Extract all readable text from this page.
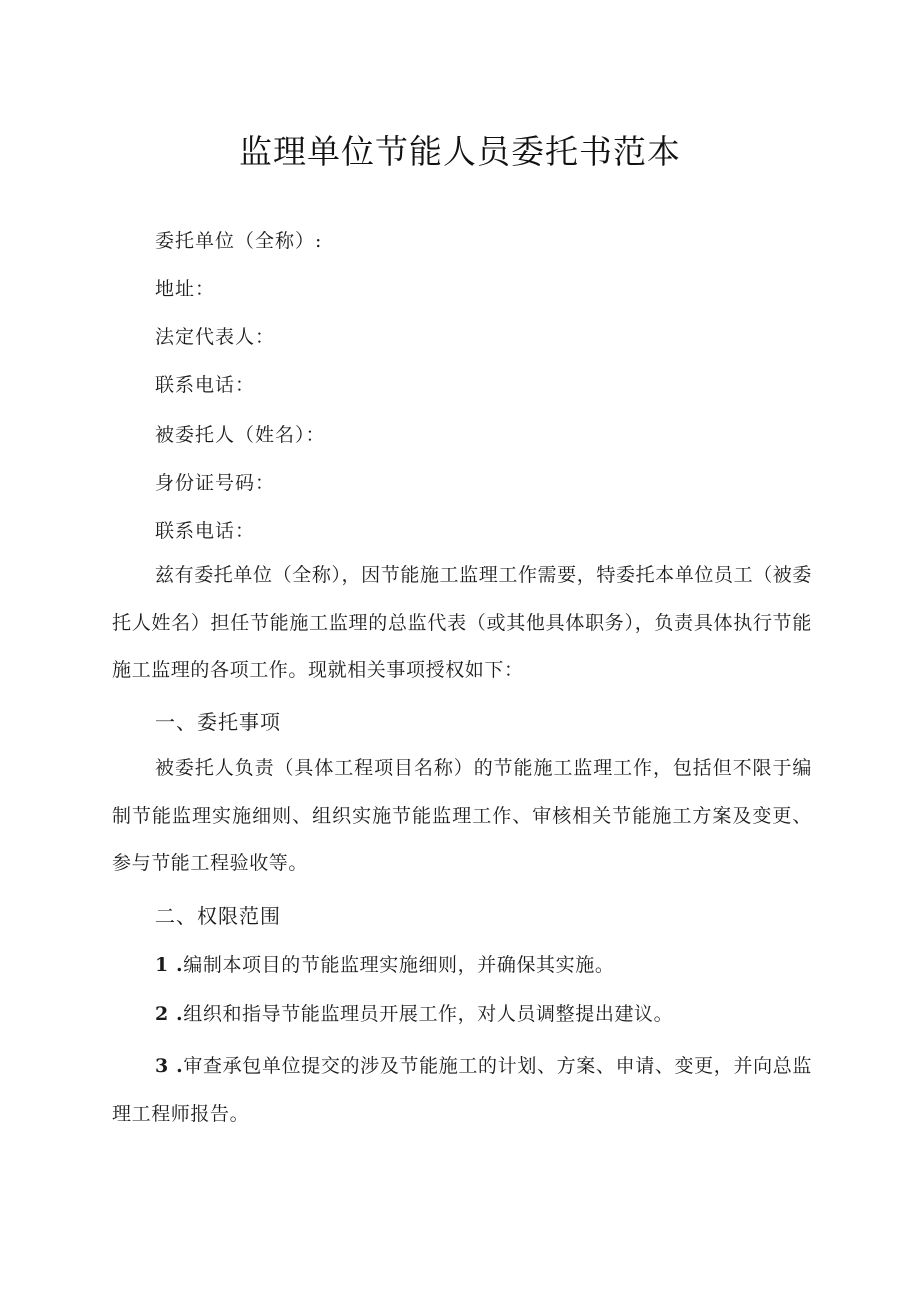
监理单位节能人员委托书范本
委托单位（全称）:
地址：
法定代表人：
联系电话：
被委托人（姓名）：
身份证号码：
联系电话：
兹有委托单位（全称），因节能施工监理工作需要，特委托本单位员工（被委托人姓名）担任节能施工监理的总监代表（或其他具体职务），负责具体执行节能施工监理的各项工作。现就相关事项授权如下：
一、委托事项
被委托人负责（具体工程项目名称）的节能施工监理工作，包括但不限于编制节能监理实施细则、组织实施节能监理工作、审核相关节能施工方案及变更、参与节能工程验收等。
二、权限范围
1 .编制本项目的节能监理实施细则，并确保其实施。
2 .组织和指导节能监理员开展工作，对人员调整提出建议。
3 .审查承包单位提交的涉及节能施工的计划、方案、申请、变更，并向总监理工程师报告。
